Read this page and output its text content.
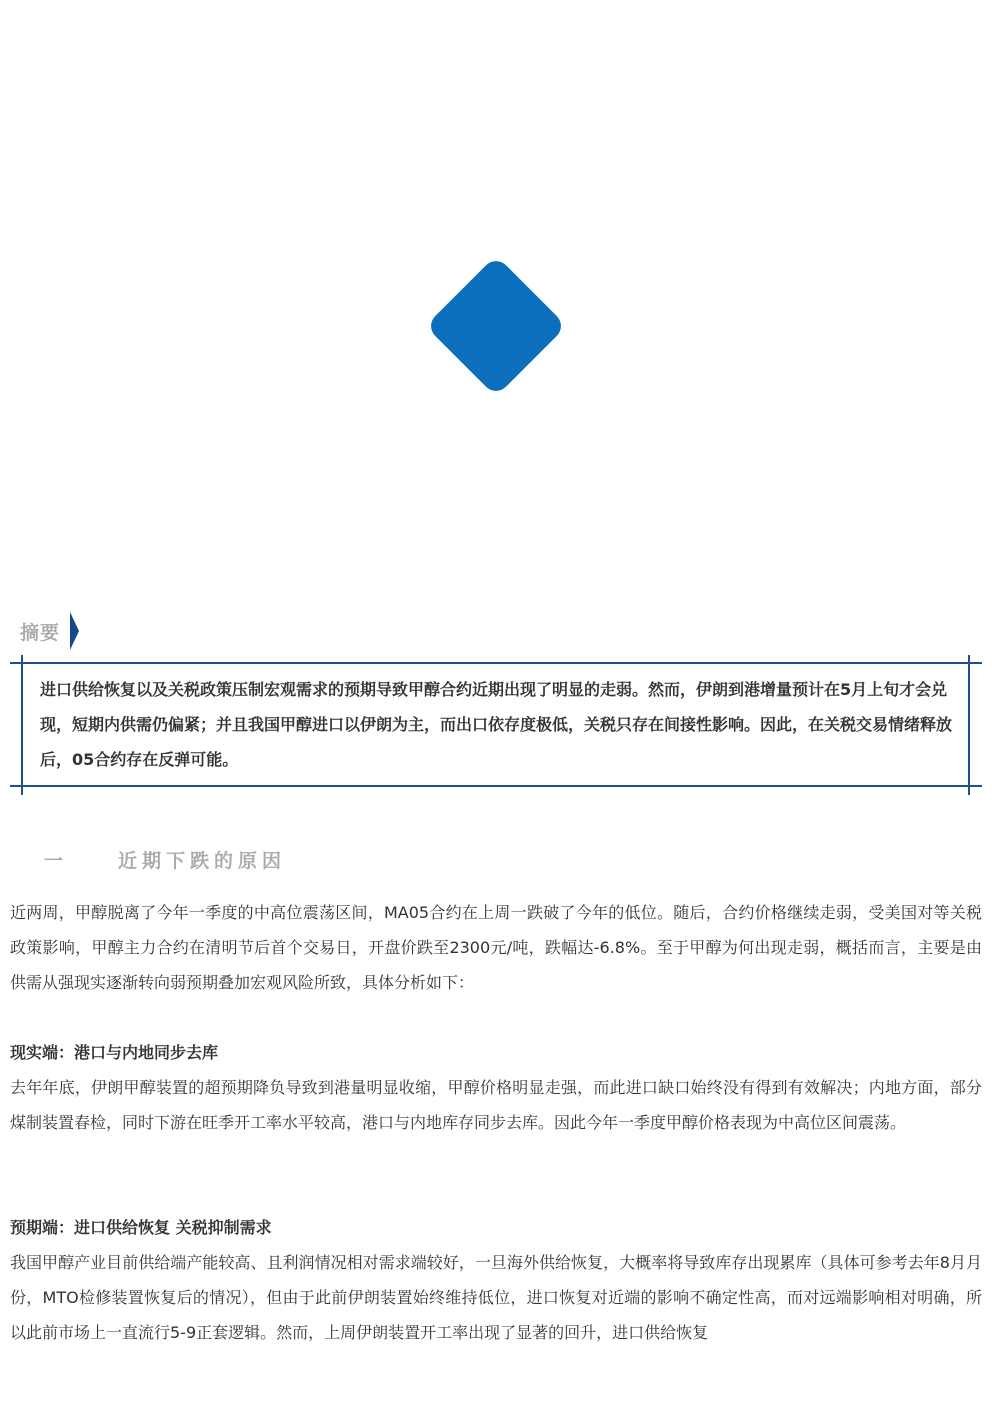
摘要
进口供给恢复以及关税政策压制宏观需求的预期导致甲醇合约近期出现了明显的走弱。然而，伊朗到港增量预计在5月上旬才会兑现，短期内供需仍偏紧；并且我国甲醇进口以伊朗为主，而出口依存度极低，关税只存在间接性影响。因此，在关税交易情绪释放后，05合约存在反弹可能。
一	近期下跌的原因

近两周，甲醇脱离了今年一季度的中高位震荡区间，MA05合约在上周一跌破了今年的低位。随后，合约价格继续走弱，受美国对等关税政策影响，甲醇主力合约在清明节后首个交易日，开盘价跌至2300元/吨，跌幅达-6.8%。至于甲醇为何出现走弱，概括而言，主要是由供需从强现实逐渐转向弱预期叠加宏观风险所致，具体分析如下：

现实端：港口与内地同步去库

去年年底，伊朗甲醇装置的超预期降负导致到港量明显收缩，甲醇价格明显走强，而此进口缺口始终没有得到有效解决；内地方面，部分煤制装置春检，同时下游在旺季开工率水平较高，港口与内地库存同步去库。因此今年一季度甲醇价格表现为中高位区间震荡。

预期端：进口供给恢复 关税抑制需求

我国甲醇产业目前供给端产能较高、且利润情况相对需求端较好，一旦海外供给恢复，大概率将导致库存出现累库（具体可参考去年8月月份，MTO检修装置恢复后的情况），但由于此前伊朗装置始终维持低位，进口恢复对近端的影响不确定性高，而对远端影响相对明确，所以此前市场上一直流行5-9正套逻辑。然而，上周伊朗装置开工率出现了显著的回升，进口供给恢复
